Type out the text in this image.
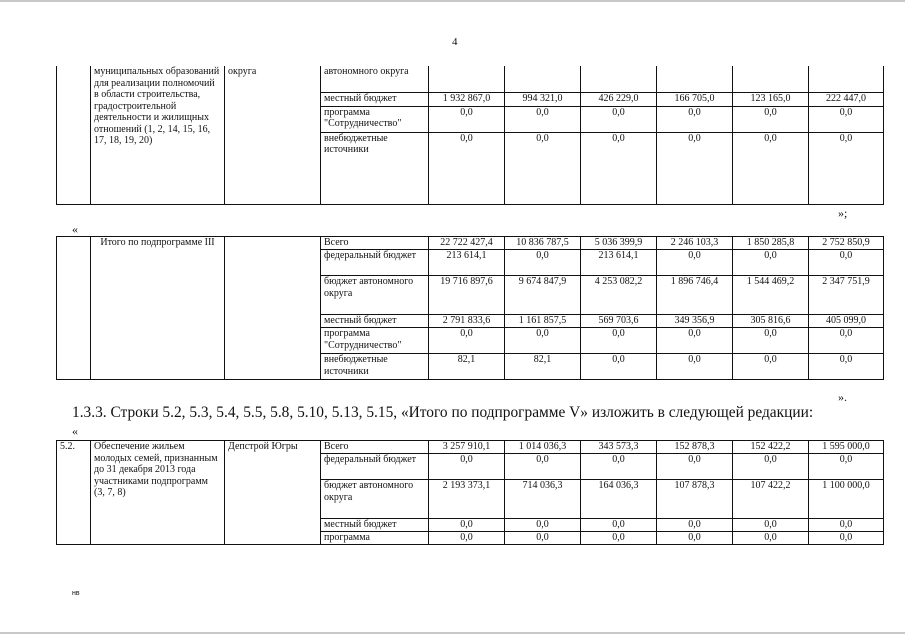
4
	муниципальных образований для реализации полномочий в области строительства, градостроительной деятельности и жилищных отношений (1, 2, 14, 15, 16, 17, 18, 19, 20)	округа	автономного округа						
			местный бюджет	1 932 867,0	994 321,0	426 229,0	166 705,0	123 165,0	222 447,0
			программа "Сотрудничество"	0,0	0,0	0,0	0,0	0,0	0,0
			внебюджетные источники	0,0	0,0	0,0	0,0	0,0	0,0
»;
«
	Итого по подпрограмме III		Всего	22 722 427,4	10 836 787,5	5 036 399,9	2 246 103,3	1 850 285,8	2 752 850,9
			федеральный бюджет	213 614,1	0,0	213 614,1	0,0	0,0	0,0
			бюджет автономного округа	19 716 897,6	9 674 847,9	4 253 082,2	1 896 746,4	1 544 469,2	2 347 751,9
			местный бюджет	2 791 833,6	1 161 857,5	569 703,6	349 356,9	305 816,6	405 099,0
			программа "Сотрудничество"	0,0	0,0	0,0	0,0	0,0	0,0
			внебюджетные источники	82,1	82,1	0,0	0,0	0,0	0,0
».
1.3.3. Строки 5.2, 5.3, 5.4, 5.5, 5.8, 5.10, 5.13, 5.15, «Итого по подпрограмме V» изложить в следующей редакции:
«
5.2.	Обеспечение жильем молодых семей, признанным до 31 декабря 2013 года участниками подпрограмм (3, 7, 8)	Депстрой Югры	Всего	3 257 910,1	1 014 036,3	343 573,3	152 878,3	152 422,2	1 595 000,0
			федеральный бюджет	0,0	0,0	0,0	0,0	0,0	0,0
			бюджет автономного округа	2 193 373,1	714 036,3	164 036,3	107 878,3	107 422,2	1 100 000,0
			местный бюджет	0,0	0,0	0,0	0,0	0,0	0,0
			программа	0,0	0,0	0,0	0,0	0,0	0,0
нв
